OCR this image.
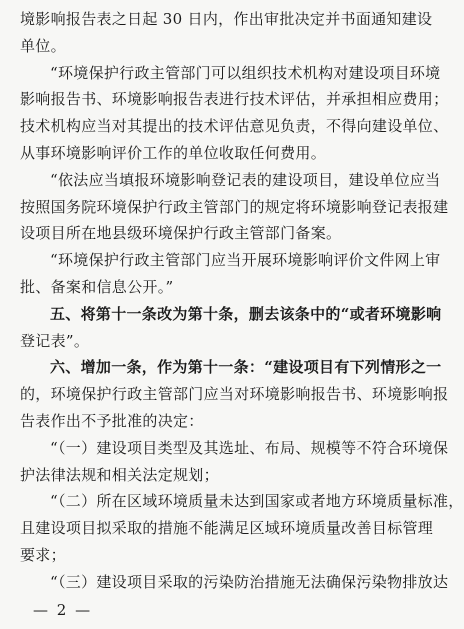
境影响报告表之日起 30 日内，作出审批决定并书面通知建设
单位。
“环境保护行政主管部门可以组织技术机构对建设项目环境
影响报告书、环境影响报告表进行技术评估，并承担相应费用；
技术机构应当对其提出的技术评估意见负责，不得向建设单位、
从事环境影响评价工作的单位收取任何费用。
“依法应当填报环境影响登记表的建设项目，建设单位应当
按照国务院环境保护行政主管部门的规定将环境影响登记表报建
设项目所在地县级环境保护行政主管部门备案。
“环境保护行政主管部门应当开展环境影响评价文件网上审
批、备案和信息公开。”
五、将第十一条改为第十条，删去该条中的“或者环境影响
登记表”。
六、增加一条，作为第十一条：“建设项目有下列情形之一
的，环境保护行政主管部门应当对环境影响报告书、环境影响报
告表作出不予批准的决定：
“（一）建设项目类型及其选址、布局、规模等不符合环境保
护法律法规和相关法定规划；
“（二）所在区域环境质量未达到国家或者地方环境质量标准，
且建设项目拟采取的措施不能满足区域环境质量改善目标管理
要求；
“（三）建设项目采取的污染防治措施无法确保污染物排放达
— 2 —
